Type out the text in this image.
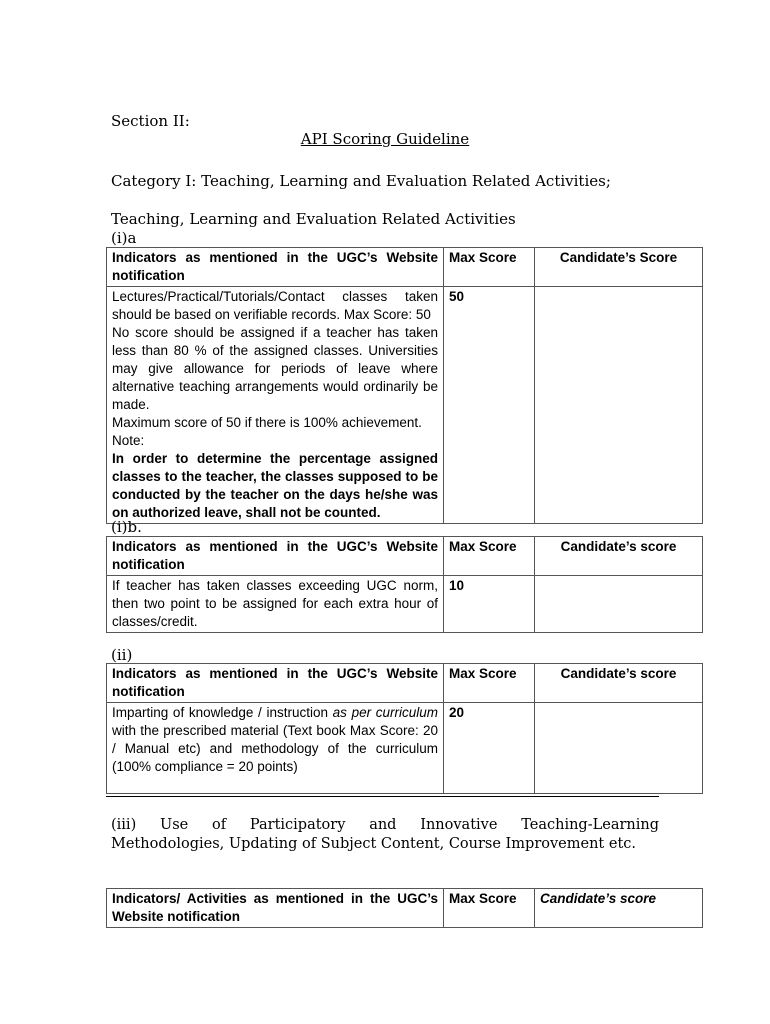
Section II:
API Scoring Guideline
Category I: Teaching, Learning and Evaluation Related Activities;
Teaching, Learning and Evaluation Related Activities
(i)a
Indicators as mentioned in the UGC’s Website notification	Max Score	Candidate’s Score

Lectures/Practical/Tutorials/Contact classes taken should be based on verifiable records. Max Score: 50
No score should be assigned if a teacher has taken less than 80 % of the assigned classes. Universities may give allowance for periods of leave where alternative teaching arrangements would ordinarily be made.
Maximum score of 50 if there is 100% achievement.
Note:
In order to determine the percentage assigned classes to the teacher, the classes supposed to be conducted by the teacher on the days he/she was on authorized leave, shall not be counted.	50	
(i)b.
Indicators as mentioned in the UGC’s Website notification	Max Score	Candidate’s score
If teacher has taken classes exceeding UGC norm, then two point to be assigned for each extra hour of classes/credit.	10	
(ii)
Indicators as mentioned in the UGC’s Website notification	Max Score	Candidate’s score
Imparting of knowledge / instruction as per curriculum with the prescribed material (Text book Max Score: 20 / Manual etc) and methodology of the curriculum (100% compliance = 20 points)	20	
(iii) Use of Participatory and Innovative Teaching-Learning Methodologies, Updating of Subject Content, Course Improvement etc.
Indicators/ Activities as mentioned in the UGC’s Website notification	Max Score	Candidate’s score
